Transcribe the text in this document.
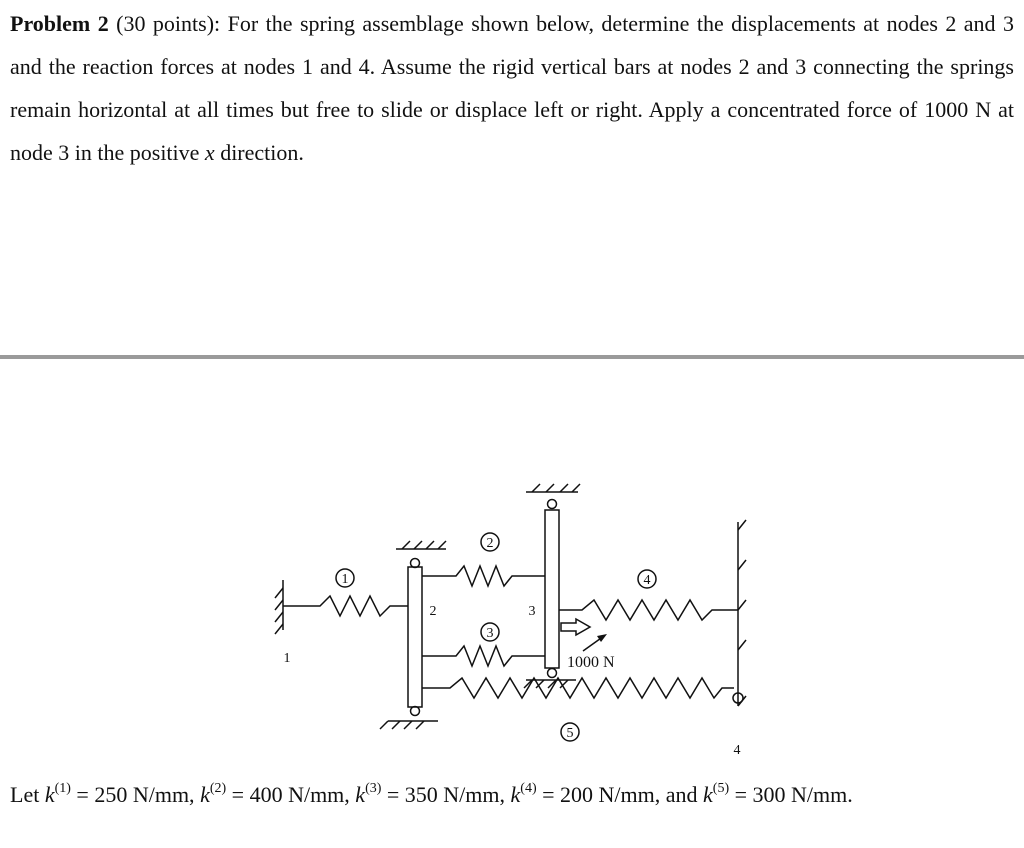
Problem 2 (30 points): For the spring assemblage shown below, determine the displacements at nodes 2 and 3 and the reaction forces at nodes 1 and 4. Assume the rigid vertical bars at nodes 2 and 3 connecting the springs remain horizontal at all times but free to slide or displace left or right. Apply a concentrated force of 1000 N at node 3 in the positive x direction.
1
2
3
4
5
1
2	3
4
1000 N
Let $k^{(1)} = 250$ N/mm, $k^{(2)} = 400$ N/mm, $k^{(3)} = 350$ N/mm, $k^{(4)} = 200$ N/mm, and $k^{(5)} = 300$ N/mm.
